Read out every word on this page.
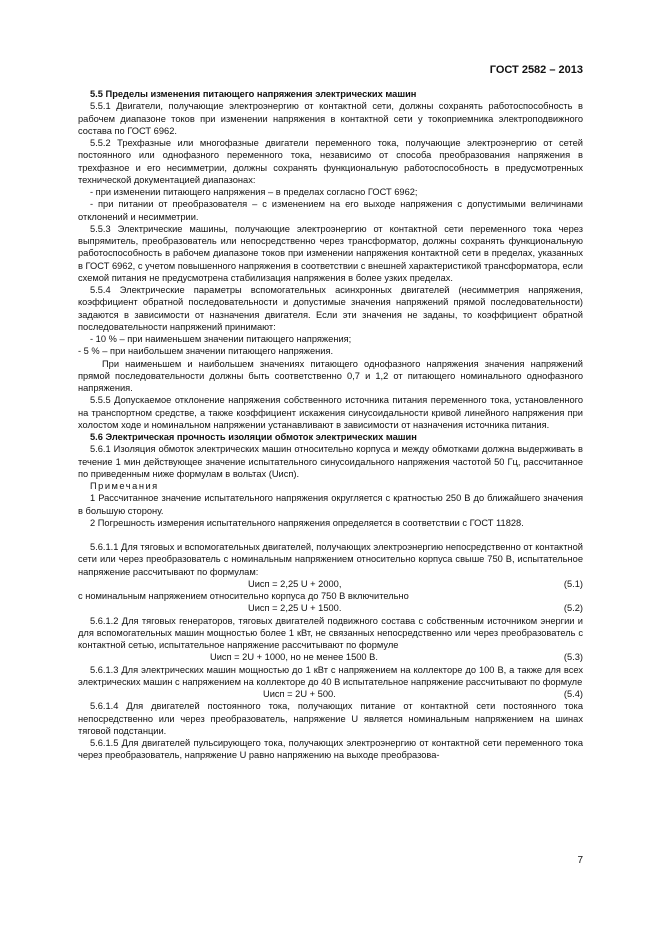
ГОСТ 2582 – 2013

5.5 Пределы изменения питающего напряжения электрических машин

5.5.1 Двигатели, получающие электроэнергию от контактной сети, должны сохранять работоспособность в рабочем диапазоне токов при изменении напряжения в контактной сети у токоприемника электроподвижного состава по ГОСТ 6962.

5.5.2 Трехфазные или многофазные двигатели переменного тока, получающие электроэнергию от сетей постоянного или однофазного переменного тока, независимо от способа преобразования напряжения в трехфазное и его несимметрии, должны сохранять функциональную работоспособность в предусмотренных технической документацией диапазонах:

- при изменении питающего напряжения – в пределах согласно ГОСТ 6962;

- при питании от преобразователя – с изменением на его выходе напряжения с допустимыми величинами отклонений и несимметрии.

5.5.3 Электрические машины, получающие электроэнергию от контактной сети переменного тока через выпрямитель, преобразователь или непосредственно через трансформатор, должны сохранять функциональную работоспособность в рабочем диапазоне токов при изменении напряжения контактной сети в пределах, указанных в ГОСТ 6962, с учетом повышенного напряжения в соответствии с внешней характеристикой трансформатора, если схемой питания не предусмотрена стабилизация напряжения в более узких пределах.

5.5.4 Электрические параметры вспомогательных асинхронных двигателей (несимметрия напряжения, коэффициент обратной последовательности и допустимые значения напряжений прямой последовательности) задаются в зависимости от назначения двигателя. Если эти значения не заданы, то коэффициент обратной последовательности напряжений принимают:

- 10 % – при наименьшем значении питающего напряжения;

- 5 % – при наибольшем значении питающего напряжения.

При наименьшем и наибольшем значениях питающего однофазного напряжения значения напряжений прямой последовательности должны быть соответственно 0,7 и 1,2 от питающего номинального однофазного напряжения.

5.5.5 Допускаемое отклонение напряжения собственного источника питания переменного тока, установленного на транспортном средстве, а также коэффициент искажения синусоидальности кривой линейного напряжения при холостом ходе и номинальном напряжении устанавливают в зависимости от назначения источника питания.

5.6 Электрическая прочность изоляции обмоток электрических машин

5.6.1 Изоляция обмоток электрических машин относительно корпуса и между обмотками должна выдерживать в течение 1 мин действующее значение испытательного синусоидального напряжения частотой 50 Гц, рассчитанное по приведенным ниже формулам в вольтах (Uисп).

Примечания

1 Рассчитанное значение испытательного напряжения округляется с кратностью 250 В до ближайшего значения в большую сторону.

2 Погрешность измерения испытательного напряжения определяется в соответствии с ГОСТ 11828.

5.6.1.1 Для тяговых и вспомогательных двигателей, получающих электроэнергию непосредственно от контактной сети или через преобразователь с номинальным напряжением относительно корпуса свыше 750 В, испытательное напряжение рассчитывают по формулам:

Uисп = 2,25 U + 2000,	(5.1)

с номинальным напряжением относительно корпуса до 750 В включительно

Uисп = 2,25 U + 1500.	(5.2)

5.6.1.2 Для тяговых генераторов, тяговых двигателей подвижного состава с собственным источником энергии и для вспомогательных машин мощностью более 1 кВт, не связанных непосредственно или через преобразователь с контактной сетью, испытательное напряжение рассчитывают по формуле

Uисп = 2U + 1000, но не менее 1500 В.	(5.3)

5.6.1.3 Для электрических машин мощностью до 1 кВт с напряжением на коллекторе до 100 В, а также для всех электрических машин с напряжением на коллекторе до 40 В испытательное напряжение рассчитывают по формуле

Uисп = 2U + 500.	(5.4)

5.6.1.4 Для двигателей постоянного тока, получающих питание от контактной сети постоянного тока непосредственно или через преобразователь, напряжение U является номинальным напряжением на шинах тяговой подстанции.

5.6.1.5 Для двигателей пульсирующего тока, получающих электроэнергию от контактной сети переменного тока через преобразователь, напряжение U равно напряжению на выходе преобразова-

7
